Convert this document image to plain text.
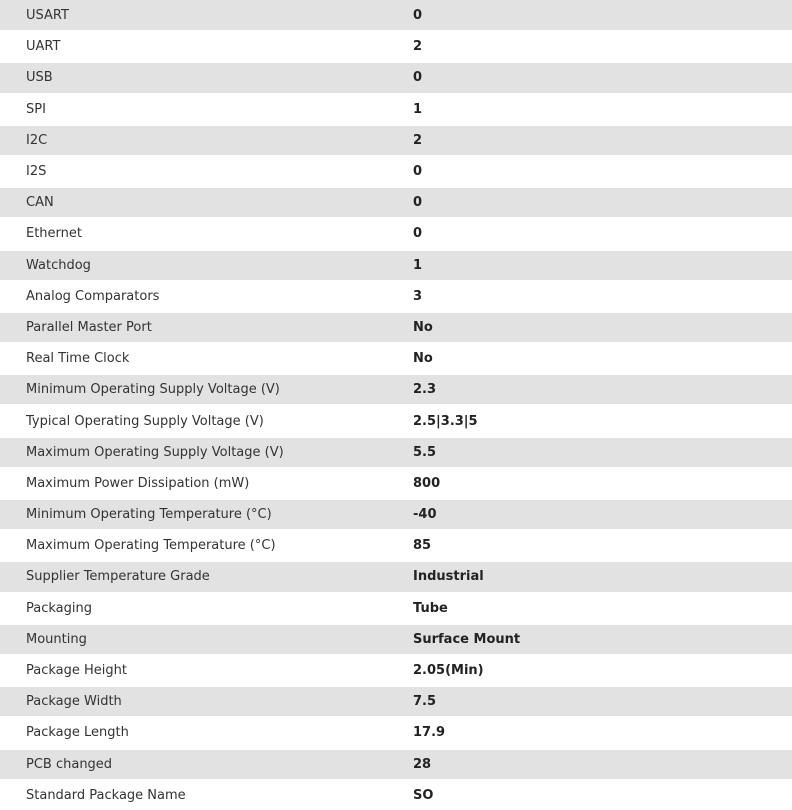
USART	0
UART	2
USB	0
SPI	1
I2C	2
I2S	0
CAN	0
Ethernet	0
Watchdog	1
Analog Comparators	3
Parallel Master Port	No
Real Time Clock	No
Minimum Operating Supply Voltage (V)	2.3
Typical Operating Supply Voltage (V)	2.5|3.3|5
Maximum Operating Supply Voltage (V)	5.5
Maximum Power Dissipation (mW)	800
Minimum Operating Temperature (°C)	-40
Maximum Operating Temperature (°C)	85
Supplier Temperature Grade	Industrial
Packaging	Tube
Mounting	Surface Mount
Package Height	2.05(Min)
Package Width	7.5
Package Length	17.9
PCB changed	28
Standard Package Name	SO
